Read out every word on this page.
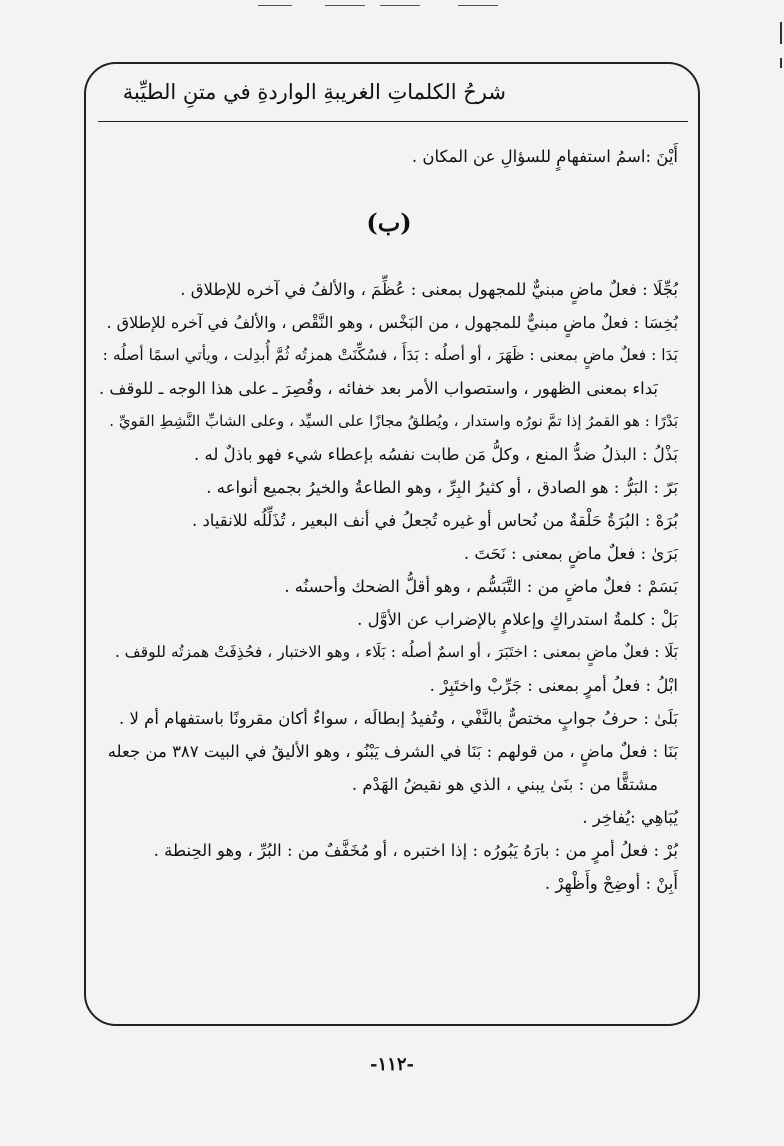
شرحُ الكلماتِ الغريبةِ الواردةِ في متنِ الطيِّبة

أَيْنَ :اسمُ استفهامٍ للسؤالِ عن المكان .

(ب)

بُجِّلَا : فعلٌ ماضٍ مبنيٌّ للمجهول بمعنى : عُظِّمَ ، والألفُ في آخره للإطلاق .

بُخِسَا : فعلٌ ماضٍ مبنيٌّ للمجهول ، من البَخْس ، وهو النَّقْص ، والألفُ في آخره للإطلاق .

بَدَا : فعلٌ ماضٍ بمعنى : ظَهَرَ ، أو أصلُه : بَدَأَ ، فسُكِّنَتْ همزتُه ثُمَّ أُبدِلت ، ويأتي اسمًا أصلُه :

بَداء بمعنى الظهور ، واستصواب الأمر بعد خفائه ، وقُصِرَ ـ على هذا الوجه ـ للوقف .

بَدْرًا : هو القمرُ إذا تمَّ نورُه واستدار ، ويُطلقُ مجازًا على السيِّد ، وعلى الشابِّ النَّشِطِ القويِّ .

بَذْلُ : البذلُ ضدُّ المنع ، وكلُّ مَن طابت نفسُه بإعطاء شيء فهو باذلٌ له .

بَرّ : البَرُّ : هو الصادق ، أو كثيرُ البِرِّ ، وهو الطاعةُ والخيرُ بجميع أنواعه .

بُرَهْ : البُرَةُ حَلْقةٌ من نُحاس أو غيره تُجعلُ في أنف البعير ، تُذَلِّلُه للانقياد .

بَرَىٰ : فعلٌ ماضٍ بمعنى : نَحَتَ .

بَسَمْ : فعلٌ ماضٍ من : التَّبَسُّم ، وهو أقلُّ الضحك وأحسنُه .

بَلْ : كلمةُ استدراكٍ وإعلامٍ بالإضراب عن الأوَّل .

بَلَا : فعلٌ ماضٍ بمعنى : اختَبَرَ ، أو اسمٌ أصلُه : بَلَاء ، وهو الاختبار ، فحُذِفَتْ همزتُه للوقف .

ابْلُ : فعلُ أمرٍ بمعنى : جَرِّبْ واختَبِرْ .

بَلَىٰ : حرفُ جوابٍ مختصٌّ بالنَّفْي ، وتُفيدُ إبطالَه ، سواءٌ أكان مقرونًا باستفهام أم لا .

بَنَا : فعلٌ ماضٍ ، من قولهم : بَنَا في الشرف يَبْنُو ، وهو الأليقُ في البيت ٣٨٧ من جعله

مشتقًّا من : بنَىٰ يبني ، الذي هو نقيضُ الهَدْم .

يُبَاهِي :يُفاخِر .

بُرْ : فعلُ أمرٍ من : بارَهُ يَبُورُه : إذا اختبره ، أو مُخَفَّفٌ من : البُرِّ ، وهو الحِنطة .

أَبِنْ : أوضِحْ وأَظْهِرْ .

-١١٢-
